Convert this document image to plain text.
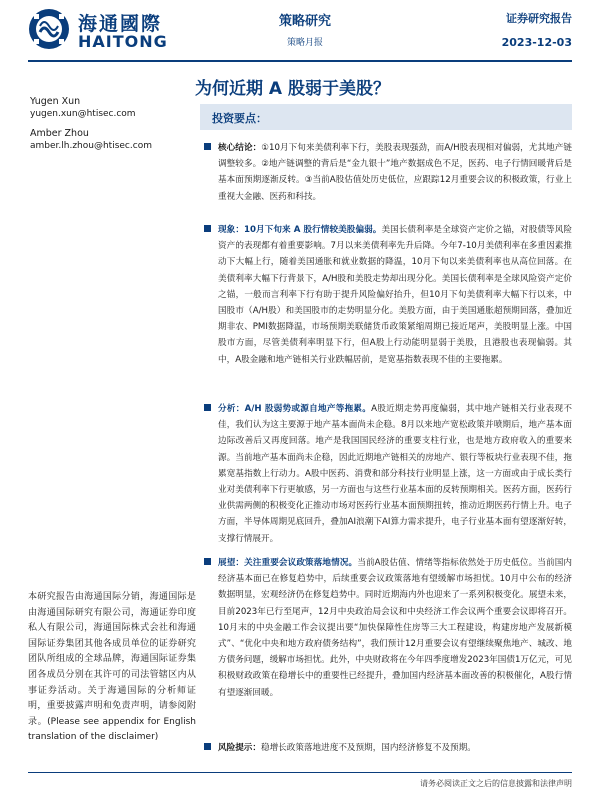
海通國際
HAITONG
策略研究
策略月报
证券研究报告
2023-12-03
为何近期 A 股弱于美股？
Yugen Xun
yugen.xun@htisec.com
Amber Zhou
amber.lh.zhou@htisec.com
投资要点：
核心结论：①10月下旬来美债利率下行，美股表现强劲，而A/H股表现相对偏弱，尤其地产链调整较多。②地产链调整的背后是“金九银十”地产数据成色不足，医药、电子行情回暖背后是基本面预期逐渐反转。③当前A股估值处历史低位，应跟踪12月重要会议的积极政策，行业上重视大金融、医药和科技。
现象：10月下旬来 A 股行情较美股偏弱。美国长债利率是全球资产定价之锚，对股债等风险资产的表现都有着重要影响。7月以来美债利率先升后降。今年7-10月美债利率在多重因素推动下大幅上行，随着美国通胀和就业数据的降温，10月下旬以来美债利率也从高位回落。在美债利率大幅下行背景下，A/H股和美股走势却出现分化。美国长债利率是全球风险资产定价之锚，一般而言利率下行有助于提升风险偏好抬升，但10月下旬美债利率大幅下行以来，中国股市（A/H股）和美国股市的走势明显分化。美股方面，由于美国通胀超预期回落，叠加近期非农、PMI数据降温，市场预期美联储货币政策紧缩周期已接近尾声，美股明显上涨。中国股市方面，尽管美债利率明显下行，但A股上行动能明显弱于美股，且港股也表现偏弱。其中，A股金融和地产链相关行业跌幅居前，是宽基指数表现不佳的主要拖累。
分析：A/H 股弱势或源自地产等拖累。A股近期走势再度偏弱，其中地产链相关行业表现不佳，我们认为这主要源于地产基本面尚未企稳。8月以来地产宽松政策并喷期后，地产基本面边际改善后又再度回落。地产是我国国民经济的重要支柱行业，也是地方政府收入的重要来源。当前地产基本面尚未企稳，因此近期地产链相关的房地产、银行等板块行业表现不佳，拖累宽基指数上行动力。A股中医药、消费和部分科技行业明显上涨，这一方面或由于成长类行业对美债利率下行更敏感，另一方面也与这些行业基本面的反转预期相关。医药方面，医药行业供需两侧的积极变化正推动市场对医药行业基本面预期扭转，推动近期医药行情上升。电子方面，半导体周期见底回升，叠加AI浪潮下AI算力需求提升，电子行业基本面有望逐渐好转，支撑行情展开。
展望：关注重要会议政策落地情况。当前A股估值、情绪等指标依然处于历史低位。当前国内经济基本面已在修复趋势中，后续重要会议政策落地有望缓解市场担忧。10月中公布的经济数据明显，宏观经济仍在修复趋势中。同时近期海内外也迎来了一系列积极变化。展望未来，目前2023年已行至尾声，12月中央政治局会议和中央经济工作会议两个重要会议即将召开。10月末的中央金融工作会议提出要“加快保障性住房等三大工程建设，构建房地产发展新模式”、“优化中央和地方政府债务结构”，我们预计12月重要会议有望继续聚焦地产、城改、地方债务问题，缓解市场担忧。此外，中央财政将在今年四季度增发2023年国债1万亿元，可见积极财政政策在稳增长中的重要性已经提升，叠加国内经济基本面改善的积极催化，A股行情有望逐渐回暖。
风险提示：稳增长政策落地进度不及预期，国内经济修复不及预期。
本研究报告由海通国际分销，海通国际是由海通国际研究有限公司，海通证券印度私人有限公司，海通国际株式会社和海通国际证券集团其他各成员单位的证券研究团队所组成的全球品牌，海通国际证券集团各成员分别在其许可的司法管辖区内从事证券活动。关于海通国际的分析师证明，重要披露声明和免责声明，请参阅附录。(Please see appendix for English translation of the disclaimer)
请务必阅读正文之后的信息披露和法律声明
